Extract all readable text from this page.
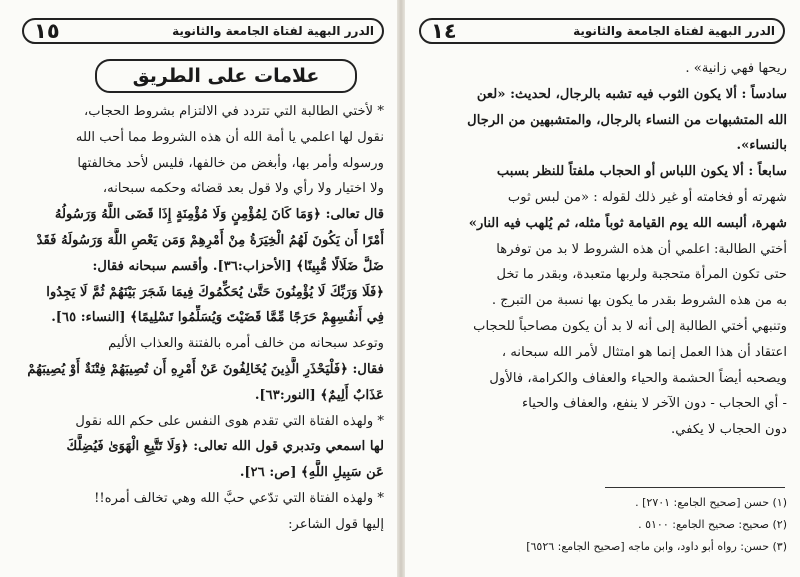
الدرر البهية لفتاة الجامعة والثانوية
١٥
علامات على الطريق
* لأختي الطالبة التي تتردد في الالتزام بشروط الحجاب،
نقول لها اعلمي يا أمة الله أن هذه الشروط مما أحب الله
ورسوله وأمر بها، وأبغض من خالفها، فليس لأحد مخالفتها
ولا اختيار ولا رأي ولا قول بعد قضائه وحكمه سبحانه،
قال تعالى: ﴿وَمَا كَانَ لِمُؤْمِنٍ وَلَا مُؤْمِنَةٍ إِذَا قَضَى اللَّهُ وَرَسُولُهُ
أَمْرًا أَن يَكُونَ لَهُمُ الْخِيَرَةُ مِنْ أَمْرِهِمْ وَمَن يَعْصِ اللَّهَ وَرَسُولَهُ فَقَدْ
ضَلَّ ضَلَالًا مُّبِينًا﴾ [الأحزاب:٣٦]. وأقسم سبحانه فقال:
﴿فَلَا وَرَبِّكَ لَا يُؤْمِنُونَ حَتَّىٰ يُحَكِّمُوكَ فِيمَا شَجَرَ بَيْنَهُمْ ثُمَّ لَا يَجِدُوا
فِي أَنفُسِهِمْ حَرَجًا مِّمَّا قَضَيْتَ وَيُسَلِّمُوا تَسْلِيمًا﴾ [النساء: ٦٥].
وتوعد سبحانه من خالف أمره بالفتنة والعذاب الأليم
فقال: ﴿فَلْيَحْذَرِ الَّذِينَ يُخَالِفُونَ عَنْ أَمْرِهِ أَن تُصِيبَهُمْ فِتْنَةٌ أَوْ يُصِيبَهُمْ
عَذَابٌ أَلِيمٌ﴾ [النور:٦٣].
* ولهذه الفتاة التي تقدم هوى النفس على حكم الله نقول
لها اسمعي وتدبري قول الله تعالى: ﴿وَلَا تَتَّبِعِ الْهَوَىٰ فَيُضِلَّكَ
عَن سَبِيلِ اللَّهِ﴾ [ص: ٢٦].
* ولهذه الفتاة التي تدّعي حبَّ الله وهي تخالف أمره!!
إليها قول الشاعر:
الدرر البهية لفتاة الجامعة والثانوية
١٤
ريحها فهي زانية» .
سادساً : ألا يكون الثوب فيه تشبه بالرجال، لحديث: «لعن
الله المتشبهات من النساء بالرجال، والمتشبهين من الرجال
بالنساء».
سابعاً : ألا يكون اللباس أو الحجاب ملفتاً للنظر بسبب
شهرته أو فخامته أو غير ذلك لقوله : «من لبس ثوب
شهرة، ألبسه الله يوم القيامة ثوباً مثله، ثم يُلهب فيه النار»
أختي الطالبة: اعلمي أن هذه الشروط لا بد من توفرها
حتى تكون المرأة متحجبة ولربها متعبدة، وبقدر ما تخل
به من هذه الشروط بقدر ما يكون بها نسبة من التبرج .
وتنبهي أختي الطالبة إلى أنه لا بد أن يكون مصاحباً للحجاب
اعتقاد أن هذا العمل إنما هو امتثال لأمر الله سبحانه ،
ويصحبه أيضاً الحشمة والحياء والعفاف والكرامة، فالأول
- أي الحجاب - دون الآخر لا ينفع، والعفاف والحياء
دون الحجاب لا يكفي.
(١) حسن [صحيح الجامع: ٢٧٠١] .
(٢) صحيح: صحيح الجامع: ٥١٠٠ .
(٣) حسن: رواه أبو داود، وابن ماجه [صحيح الجامع: ٦٥٢٦]
